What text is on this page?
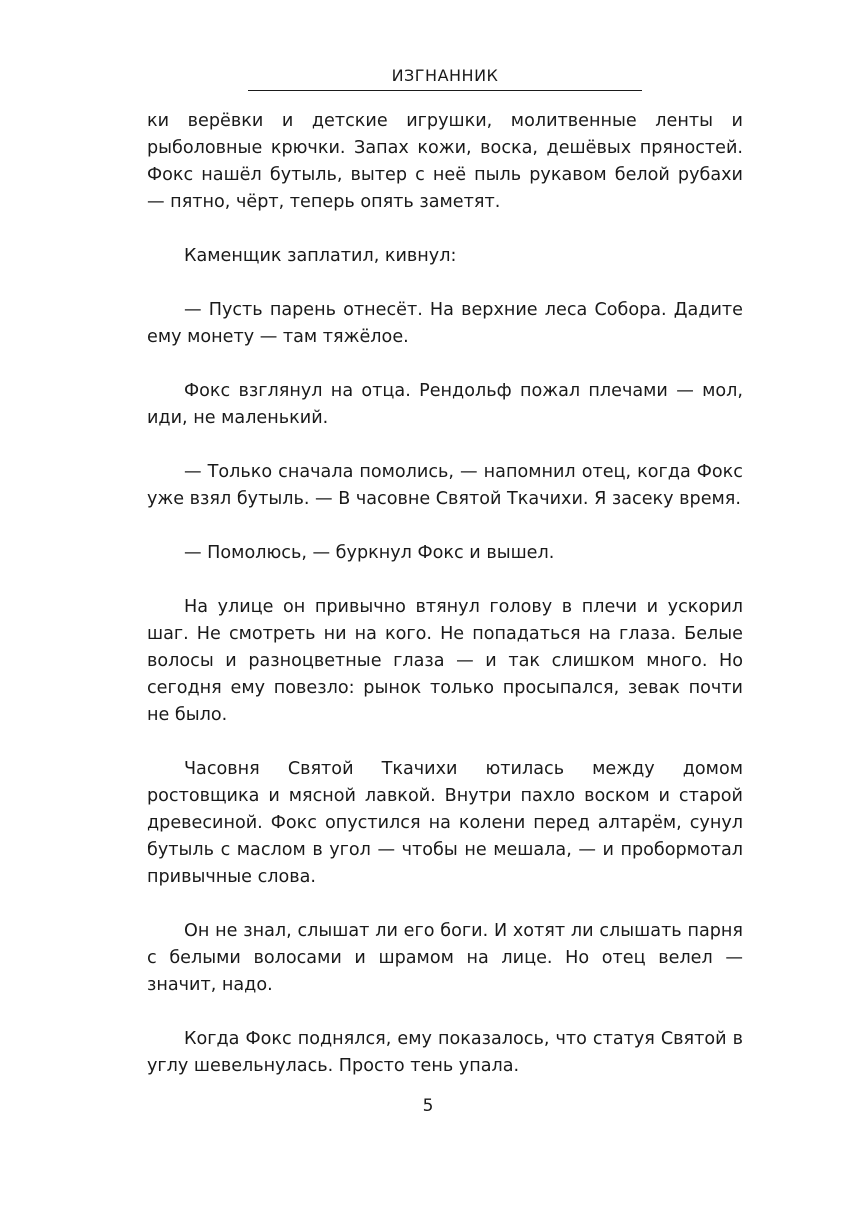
ИЗГНАННИК

ки верёвки и детские игрушки, молитвенные ленты и рыболовные крючки. Запах кожи, воска, дешёвых пряностей. Фокс нашёл бутыль, вытер с неё пыль рукавом белой рубахи — пятно, чёрт, теперь опять заметят.

Каменщик заплатил, кивнул:

— Пусть парень отнесёт. На верхние леса Собора. Дадите ему монету — там тяжёлое.

Фокс взглянул на отца. Рендольф пожал плечами — мол, иди, не маленький.

— Только сначала помолись, — напомнил отец, когда Фокс уже взял бутыль. — В часовне Святой Ткачихи. Я засеку время.

— Помолюсь, — буркнул Фокс и вышел.

На улице он привычно втянул голову в плечи и ускорил шаг. Не смотреть ни на кого. Не попадаться на глаза. Белые волосы и разноцветные глаза — и так слишком много. Но сегодня ему повезло: рынок только просыпался, зевак почти не было.

Часовня Святой Ткачихи ютилась между домом ростовщика и мясной лавкой. Внутри пахло воском и старой древесиной. Фокс опустился на колени перед алтарём, сунул бутыль с маслом в угол — чтобы не мешала, — и пробормотал привычные слова.

Он не знал, слышат ли его боги. И хотят ли слышать парня с белыми волосами и шрамом на лице. Но отец велел — значит, надо.

Когда Фокс поднялся, ему показалось, что статуя Святой в углу шевельнулась. Просто тень упала.

5
